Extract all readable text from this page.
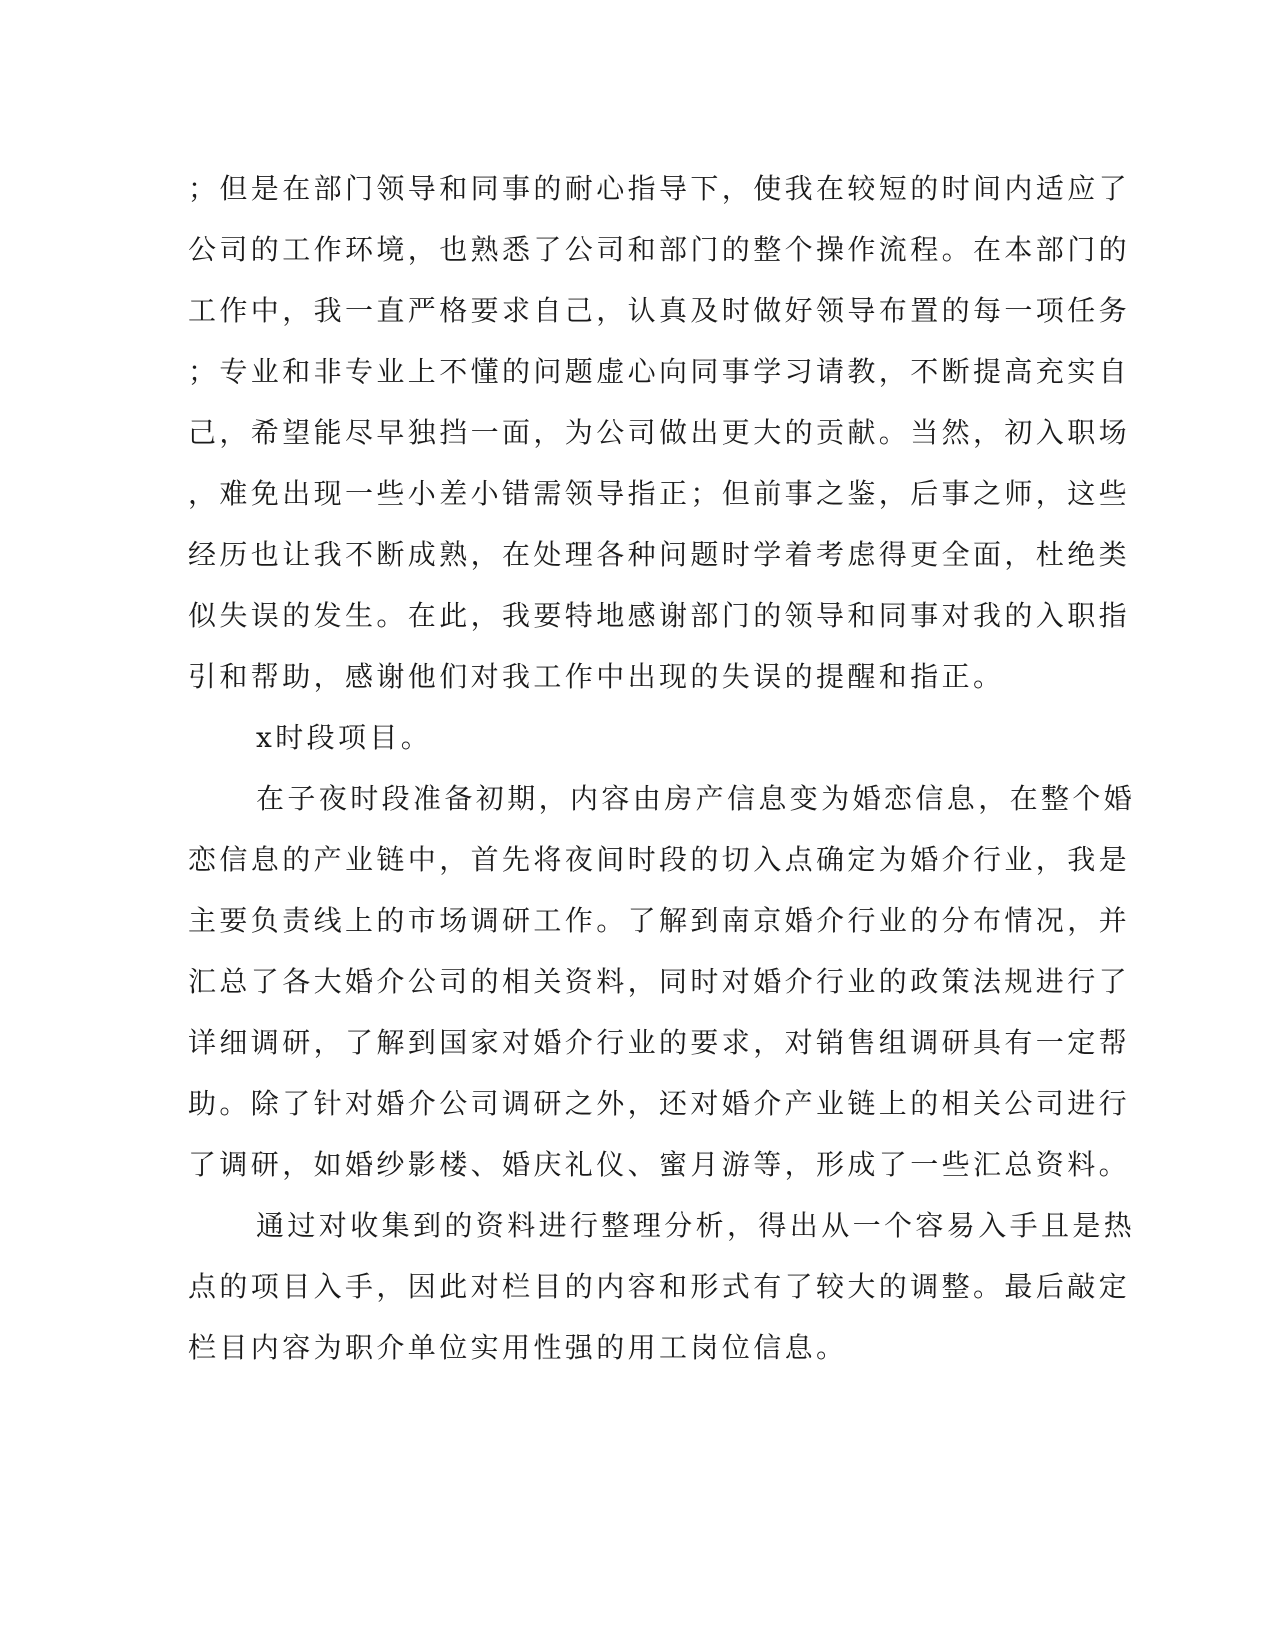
；但是在部门领导和同事的耐心指导下，使我在较短的时间内适应了
公司的工作环境，也熟悉了公司和部门的整个操作流程。在本部门的
工作中，我一直严格要求自己，认真及时做好领导布置的每一项任务
；专业和非专业上不懂的问题虚心向同事学习请教，不断提高充实自
己，希望能尽早独挡一面，为公司做出更大的贡献。当然，初入职场
，难免出现一些小差小错需领导指正；但前事之鉴，后事之师，这些
经历也让我不断成熟，在处理各种问题时学着考虑得更全面，杜绝类
似失误的发生。在此，我要特地感谢部门的领导和同事对我的入职指
引和帮助，感谢他们对我工作中出现的失误的提醒和指正。
x时段项目。
在子夜时段准备初期，内容由房产信息变为婚恋信息，在整个婚
恋信息的产业链中，首先将夜间时段的切入点确定为婚介行业，我是
主要负责线上的市场调研工作。了解到南京婚介行业的分布情况，并
汇总了各大婚介公司的相关资料，同时对婚介行业的政策法规进行了
详细调研，了解到国家对婚介行业的要求，对销售组调研具有一定帮
助。除了针对婚介公司调研之外，还对婚介产业链上的相关公司进行
了调研，如婚纱影楼、婚庆礼仪、蜜月游等，形成了一些汇总资料。
通过对收集到的资料进行整理分析，得出从一个容易入手且是热
点的项目入手，因此对栏目的内容和形式有了较大的调整。最后敲定
栏目内容为职介单位实用性强的用工岗位信息。
